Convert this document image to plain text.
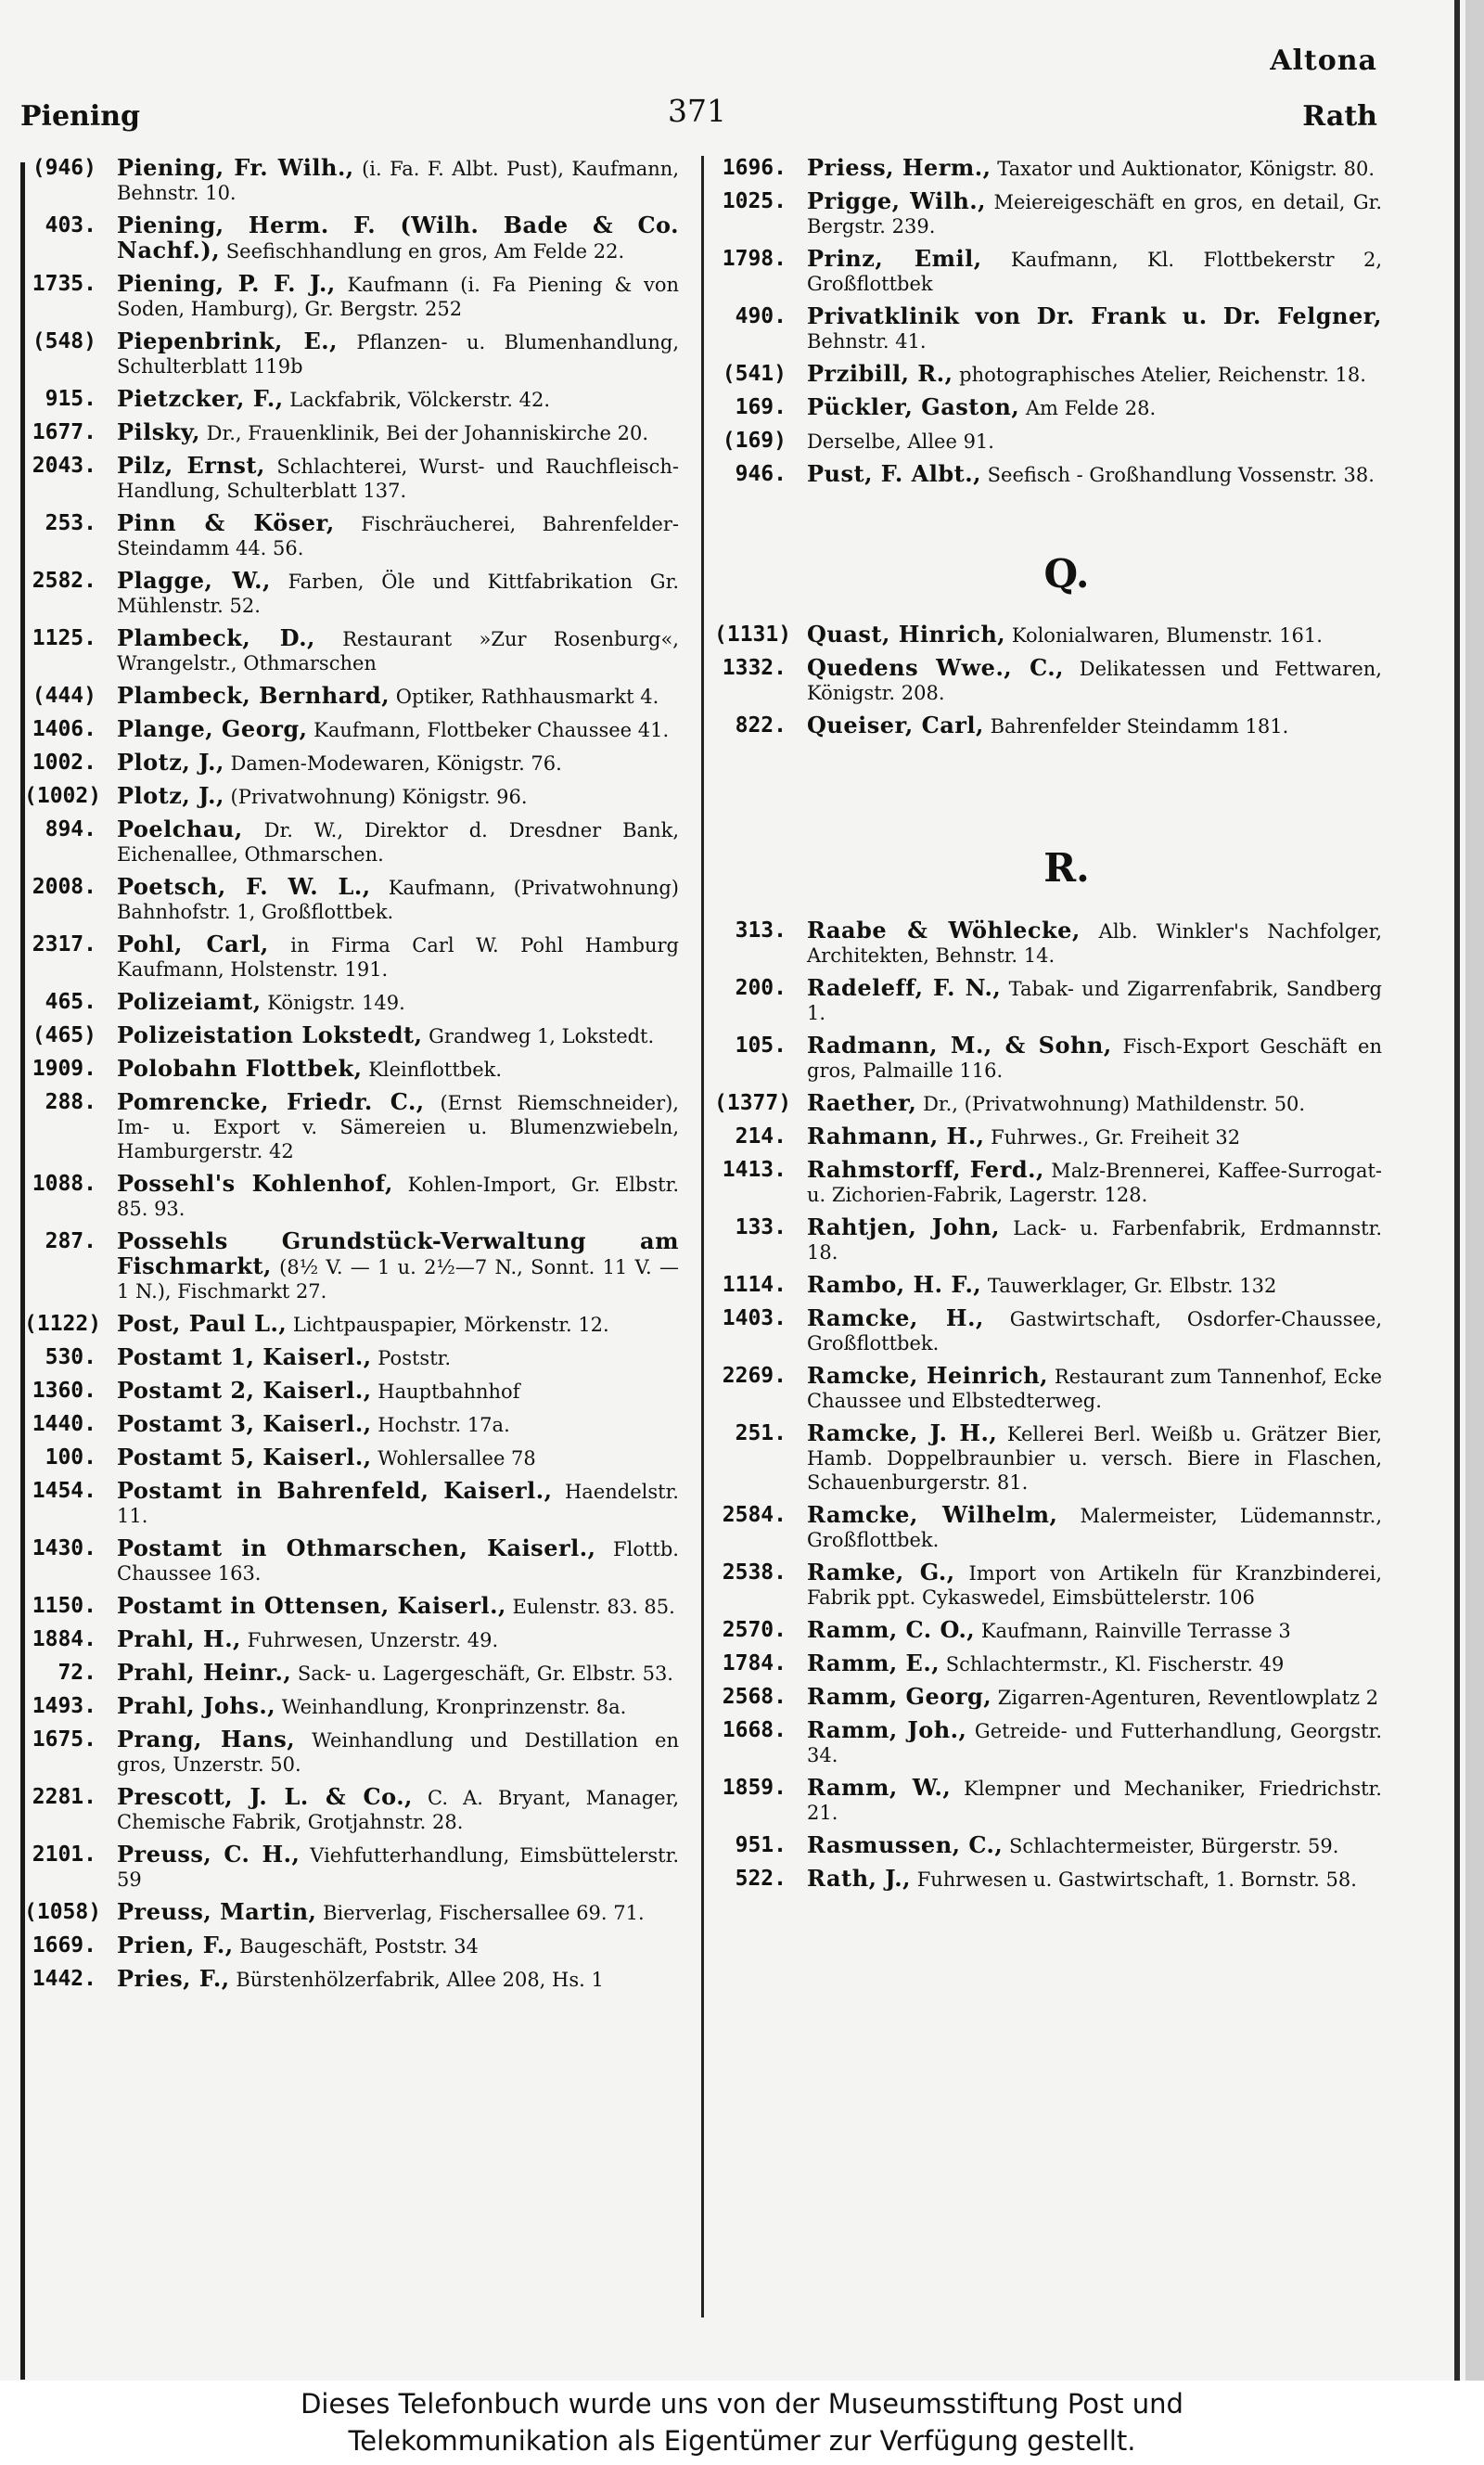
Altona
Piening	371	Rath
(946) Piening, Fr. Wilh., (i. Fa. F. Albt. Pust), Kaufmann, Behnstr. 10.
403. Piening, Herm. F. (Wilh. Bade & Co. Nachf.), Seefischhandlung en gros, Am Felde 22.
1735. Piening, P. F. J., Kaufmann (i. Fa Piening & von Soden, Hamburg), Gr. Bergstr. 252
(548) Piepenbrink, E., Pflanzen- u. Blumenhandlung, Schulterblatt 119b
915. Pietzcker, F., Lackfabrik, Völckerstr. 42.
1677. Pilsky, Dr., Frauenklinik, Bei der Johanniskirche 20.
2043. Pilz, Ernst, Schlachterei, Wurst- und Rauchfleisch-Handlung, Schulterblatt 137.
253. Pinn & Köser, Fischräucherei, Bahrenfelder-Steindamm 44. 56.
2582. Plagge, W., Farben, Öle und Kittfabrikation Gr. Mühlenstr. 52.
1125. Plambeck, D., Restaurant »Zur Rosenburg«, Wrangelstr., Othmarschen
(444) Plambeck, Bernhard, Optiker, Rathhausmarkt 4.
1406. Plange, Georg, Kaufmann, Flottbeker Chaussee 41.
1002. Plotz, J., Damen-Modewaren, Königstr. 76.
(1002) Plotz, J., (Privatwohnung) Königstr. 96.
894. Poelchau, Dr. W., Direktor d. Dresdner Bank, Eichenallee, Othmarschen.
2008. Poetsch, F. W. L., Kaufmann, (Privatwohnung) Bahnhofstr. 1, Großflottbek.
2317. Pohl, Carl, in Firma Carl W. Pohl Hamburg Kaufmann, Holstenstr. 191.
465. Polizeiamt, Königstr. 149.
(465) Polizeistation Lokstedt, Grandweg 1, Lokstedt.
1909. Polobahn Flottbek, Kleinflottbek.
288. Pomrencke, Friedr. C., (Ernst Riemschneider), Im- u. Export v. Sämereien u. Blumenzwiebeln, Hamburgerstr. 42
1088. Possehl's Kohlenhof, Kohlen-Import, Gr. Elbstr. 85. 93.
287. Possehls Grundstück-Verwaltung am Fischmarkt, (8½ V. — 1 u. 2½—7 N., Sonnt. 11 V. — 1 N.), Fischmarkt 27.
(1122) Post, Paul L., Lichtpauspapier, Mörkenstr. 12.
530. Postamt 1, Kaiserl., Poststr.
1360. Postamt 2, Kaiserl., Hauptbahnhof
1440. Postamt 3, Kaiserl., Hochstr. 17a.
100. Postamt 5, Kaiserl., Wohlersallee 78
1454. Postamt in Bahrenfeld, Kaiserl., Haendelstr. 11.
1430. Postamt in Othmarschen, Kaiserl., Flottb. Chaussee 163.
1150. Postamt in Ottensen, Kaiserl., Eulenstr. 83. 85.
1884. Prahl, H., Fuhrwesen, Unzerstr. 49.
72. Prahl, Heinr., Sack- u. Lagergeschäft, Gr. Elbstr. 53.
1493. Prahl, Johs., Weinhandlung, Kronprinzenstr. 8a.
1675. Prang, Hans, Weinhandlung und Destillation en gros, Unzerstr. 50.
2281. Prescott, J. L. & Co., C. A. Bryant, Manager, Chemische Fabrik, Grotjahnstr. 28.
2101. Preuss, C. H., Viehfutterhandlung, Eimsbüttelerstr. 59
(1058) Preuss, Martin, Bierverlag, Fischersallee 69. 71.
1669. Prien, F., Baugeschäft, Poststr. 34
1442. Pries, F., Bürstenhölzerfabrik, Allee 208, Hs. 1
1696. Priess, Herm., Taxator und Auktionator, Königstr. 80.
1025. Prigge, Wilh., Meiereigeschäft en gros, en detail, Gr. Bergstr. 239.
1798. Prinz, Emil, Kaufmann, Kl. Flottbekerstr 2, Großflottbek
490. Privatklinik von Dr. Frank u. Dr. Felgner, Behnstr. 41.
(541) Przibill, R., photographisches Atelier, Reichenstr. 18.
169. Pückler, Gaston, Am Felde 28.
(169)	Derselbe, Allee 91.
946. Pust, F. Albt., Seefisch - Großhandlung Vossenstr. 38.
Q.
(1131) Quast, Hinrich, Kolonialwaren, Blumenstr. 161.
1332. Quedens Wwe., C., Delikatessen und Fettwaren, Königstr. 208.
822. Queiser, Carl, Bahrenfelder Steindamm 181.
R.
313. Raabe & Wöhlecke, Alb. Winkler's Nachfolger, Architekten, Behnstr. 14.
200. Radeleff, F. N., Tabak- und Zigarrenfabrik, Sandberg 1.
105. Radmann, M., & Sohn, Fisch-Export Geschäft en gros, Palmaille 116.
(1377) Raether, Dr., (Privatwohnung) Mathildenstr. 50.
214. Rahmann, H., Fuhrwes., Gr. Freiheit 32
1413. Rahmstorff, Ferd., Malz-Brennerei, Kaffee-Surrogat- u. Zichorien-Fabrik, Lagerstr. 128.
133. Rahtjen, John, Lack- u. Farbenfabrik, Erdmannstr. 18.
1114. Rambo, H. F., Tauwerklager, Gr. Elbstr. 132
1403. Ramcke, H., Gastwirtschaft, Osdorfer-Chaussee, Großflottbek.
2269. Ramcke, Heinrich, Restaurant zum Tannenhof, Ecke Chaussee und Elbstedterweg.
251. Ramcke, J. H., Kellerei Berl. Weißb u. Grätzer Bier, Hamb. Doppelbraunbier u. versch. Biere in Flaschen, Schauenburgerstr. 81.
2584. Ramcke, Wilhelm, Malermeister, Lüdemannstr., Großflottbek.
2538. Ramke, G., Import von Artikeln für Kranzbinderei, Fabrik ppt. Cykaswedel, Eimsbüttelerstr. 106
2570. Ramm, C. O., Kaufmann, Rainville Terrasse 3
1784. Ramm, E., Schlachtermstr., Kl. Fischerstr. 49
2568. Ramm, Georg, Zigarren-Agenturen, Reventlowplatz 2
1668. Ramm, Joh., Getreide- und Futterhandlung, Georgstr. 34.
1859. Ramm, W., Klempner und Mechaniker, Friedrichstr. 21.
951. Rasmussen, C., Schlachtermeister, Bürgerstr. 59.
522. Rath, J., Fuhrwesen u. Gastwirtschaft, 1. Bornstr. 58.
Dieses Telefonbuch wurde uns von der Museumsstiftung Post und
Telekommunikation als Eigentümer zur Verfügung gestellt.
